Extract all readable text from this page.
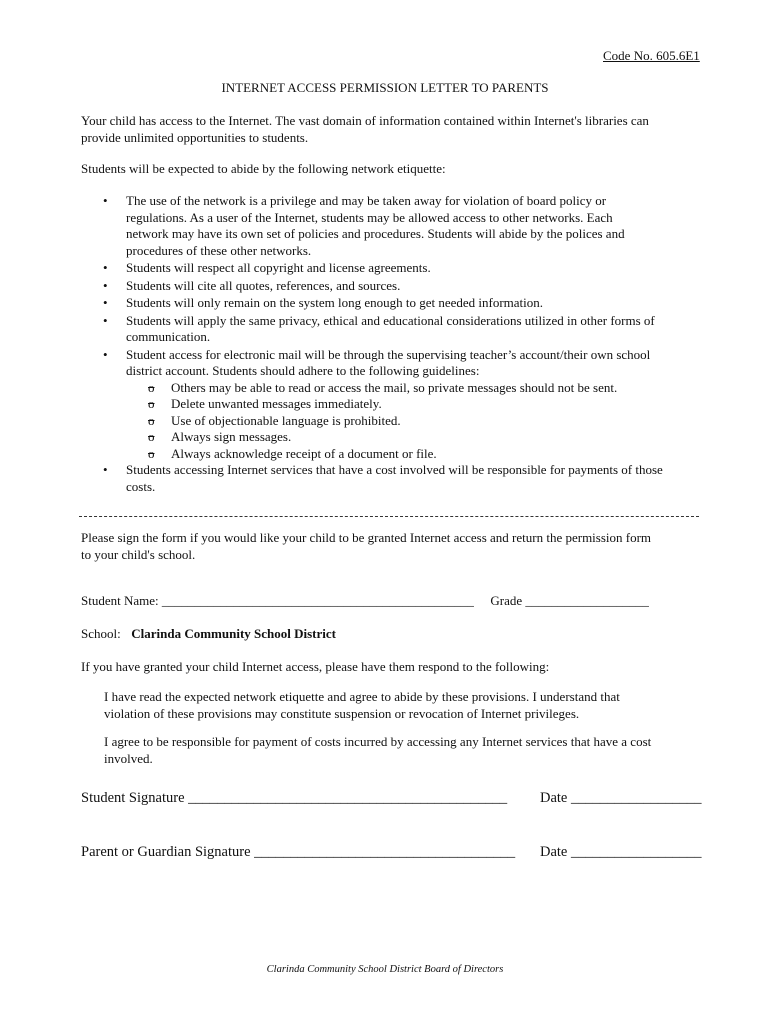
Code No. 605.6E1
INTERNET ACCESS PERMISSION LETTER TO PARENTS
Your child has access to the Internet. The vast domain of information contained within Internet's libraries can
provide unlimited opportunities to students.
Students will be expected to abide by the following network etiquette:
• The use of the network is a privilege and may be taken away for violation of board policy or
regulations. As a user of the Internet, students may be allowed access to other networks. Each
network may have its own set of policies and procedures. Students will abide by the polices and
procedures of these other networks.
• Students will respect all copyright and license agreements.
• Students will cite all quotes, references, and sources.
• Students will only remain on the system long enough to get needed information.
• Students will apply the same privacy, ethical and educational considerations utilized in other forms of
communication.
• Student access for electronic mail will be through the supervising teacher’s account/their own school
district account. Students should adhere to the following guidelines:
o Others may be able to read or access the mail, so private messages should not be sent.
o Delete unwanted messages immediately.
o Use of objectionable language is prohibited.
o Always sign messages.
o Always acknowledge receipt of a document or file.
• Students accessing Internet services that have a cost involved will be responsible for payments of those
costs.
Please sign the form if you would like your child to be granted Internet access and return the permission form
to your child's school.
Student Name: ________________________________________________ Grade ___________________
School: Clarinda Community School District
If you have granted your child Internet access, please have them respond to the following:
I have read the expected network etiquette and agree to abide by these provisions. I understand that
violation of these provisions may constitute suspension or revocation of Internet privileges.
I agree to be responsible for payment of costs incurred by accessing any Internet services that have a cost
involved.
Student Signature ____________________________________________ Date __________________
Parent or Guardian Signature ____________________________________ Date __________________
Clarinda Community School District Board of Directors
